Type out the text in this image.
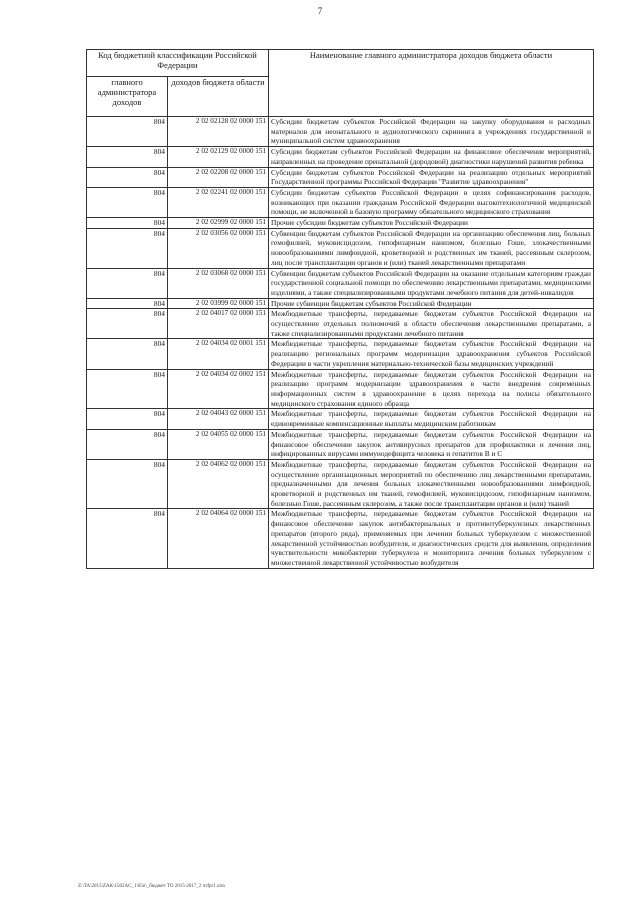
7
Код бюджетной классификации Российской Федерации		Наименование главного администратора доходов бюджета области
главного администратора доходов	доходов бюджета области	
804	2 02 02128 02 0000 151	Субсидии бюджетам субъектов Российской Федерации на закупку оборудования и расходных материалов для неонатального и аудиологического скрининга в учреждениях государственной и муниципальной систем здравоохранения
804	2 02 02129 02 0000 151	Субсидии бюджетам субъектов Российской Федерации на финансовое обеспечение мероприятий, направленных на проведение пренатальной (дородовой) диагностики нарушений развития ребенка
804	2 02 02208 02 0000 151	Субсидии бюджетам субъектов Российской Федерации на реализацию отдельных мероприятий Государственной программы Российской Федерации "Развитие здравоохранения"
804	2 02 02241 02 0000 151	Субсидии бюджетам субъектов Российской Федерации в целях софинансирования расходов, возникающих при оказании гражданам Российской Федерации высокотехнологичной медицинской помощи, не включенной в базовую программу обязательного медицинского страхования
804	2 02 02999 02 0000 151	Прочие субсидии бюджетам субъектов Российской Федерации
804	2 02 03056 02 0000 151	Субвенции бюджетам субъектов Российской Федерации на организацию обеспечения лиц, больных гемофилией, муковисцидозом, гипофизарным нанизмом, болезнью Гоше, злокачественными новообразованиями лимфоидной, кроветворной и родственных им тканей, рассеянным склерозом, лиц после трансплантации органов и (или) тканей лекарственными препаратами
804	2 02 03068 02 0000 151	Субвенции бюджетам субъектов Российской Федерации на оказание отдельным категориям граждан государственной социальной помощи по обеспечению лекарственными препаратами, медицинскими изделиями, а также специализированными продуктами лечебного питания для детей-инвалидов
804	2 02 03999 02 0000 151	Прочие субвенции бюджетам субъектов Российской Федерации
804	2 02 04017 02 0000 151	Межбюджетные трансферты, передаваемые бюджетам субъектов Российской Федерации на осуществление отдельных полномочий в области обеспечения лекарственными препаратами, а также специализированными продуктами лечебного питания
804	2 02 04034 02 0001 151	Межбюджетные трансферты, передаваемые бюджетам субъектов Российской Федерации на реализацию региональных программ модернизации здравоохранения субъектов Российской Федерации в части укрепления материально-технической базы медицинских учреждений
804	2 02 04034 02 0002 151	Межбюджетные трансферты, передаваемые бюджетам субъектов Российской Федерации на реализацию программ модернизации здравоохранения в части внедрения современных информационных систем в здравоохранение в целях перехода на полисы обязательного медицинского страхования единого образца
804	2 02 04043 02 0000 151	Межбюджетные трансферты, передаваемые бюджетам субъектов Российской Федерации на единовременные компенсационные выплаты медицинским работникам
804	2 02 04055 02 0000 151	Межбюджетные трансферты, передаваемые бюджетам субъектов Российской Федерации на финансовое обеспечение закупок антивирусных препаратов для профилактики и лечения лиц, инфицированных вирусами иммунодефицита человека и гепатитов В и С
804	2 02 04062 02 0000 151	Межбюджетные трансферты, передаваемые бюджетам субъектов Российской Федерации на осуществление организационных мероприятий по обеспечению лиц лекарственными препаратами, предназначенными для лечения больных злокачественными новообразованиями лимфоидной, кроветворной и родственных им тканей, гемофилией, муковисцидозом, гипофизарным нанизмом, болезнью Гоше, рассеянным склерозом, а также после трансплантации органов и (или) тканей
804	2 02 04064 02 0000 151	Межбюджетные трансферты, передаваемые бюджетам субъектов Российской Федерации на финансовое обеспечение закупок антибактериальных и противотуберкулезных лекарственных препаратов (второго ряда), применяемых при лечении больных туберкулезом с множественной лекарственной устойчивостью возбудителя, и диагностических средств для выявления, определения чувствительности микобактерии туберкулеза и мониторинга лечения больных туберкулезом с множественной лекарственной устойчивостью возбудителя
Z:\TA\2015\ZAK\1502AC_1\05n\_бюджет ТО 2015-2017_2 чтfpr1.xlsx
